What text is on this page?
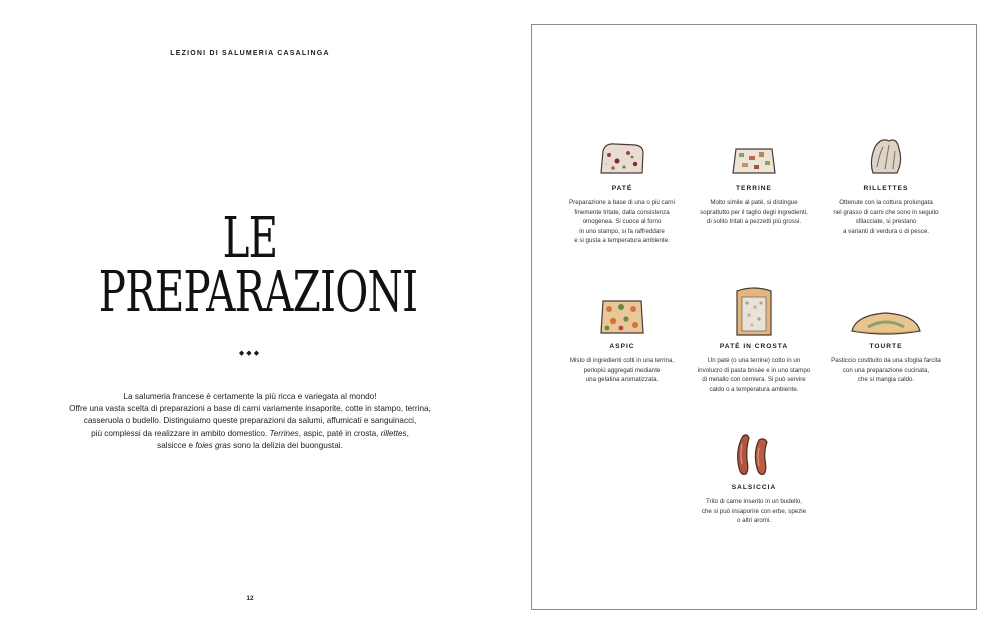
LEZIONI DI SALUMERIA CASALINGA
LE
PREPARAZIONI
◆◆◆
La salumeria francese è certamente la più ricca e variegata al mondo!
Offre una vasta scelta di preparazioni a base di carni variamente insaporite, cotte in stampo, terrina,
casseruola o budello. Distinguiamo queste preparazioni da salumi, affumicati e sanguinacci,
più complessi da realizzare in ambito domestico. Terrines, aspic, paté in crosta, rillettes,
salsicce e foies gras sono la delizia dei buongustai.
12
PATÉ
Preparazione a base di una o più carni
finemente tritate, dalla consistenza
omogenea. Si cuoce al forno
in uno stampo, si fa raffreddare
e si gusta a temperatura ambiente.
TERRINE
Molto simile al paté, si distingue
soprattutto per il taglio degli ingredienti,
di solito tritati a pezzetti più grossi.
RILLETTES
Ottenute con la cottura prolungata
nel grasso di carni che sono in seguito
sfilacciate, si prestano
a varianti di verdura o di pesce.
ASPIC
Misto di ingredienti cotti in una terrina,
perlopiù aggregati mediante
una gelatina aromatizzata.
PATÉ IN CROSTA
Un paté (o una terrine) cotto in un
involucro di pasta brisée e in uno stampo
di metallo con cerniera. Si può servire
caldo o a temperatura ambiente.
TOURTE
Pasticcio costituito da una sfoglia farcita
con una preparazione cucinata,
che si mangia caldo.
SALSICCIA
Trito di carne inserito in un budello,
che si può insaporire con erbe, spezie
o altri aromi.
